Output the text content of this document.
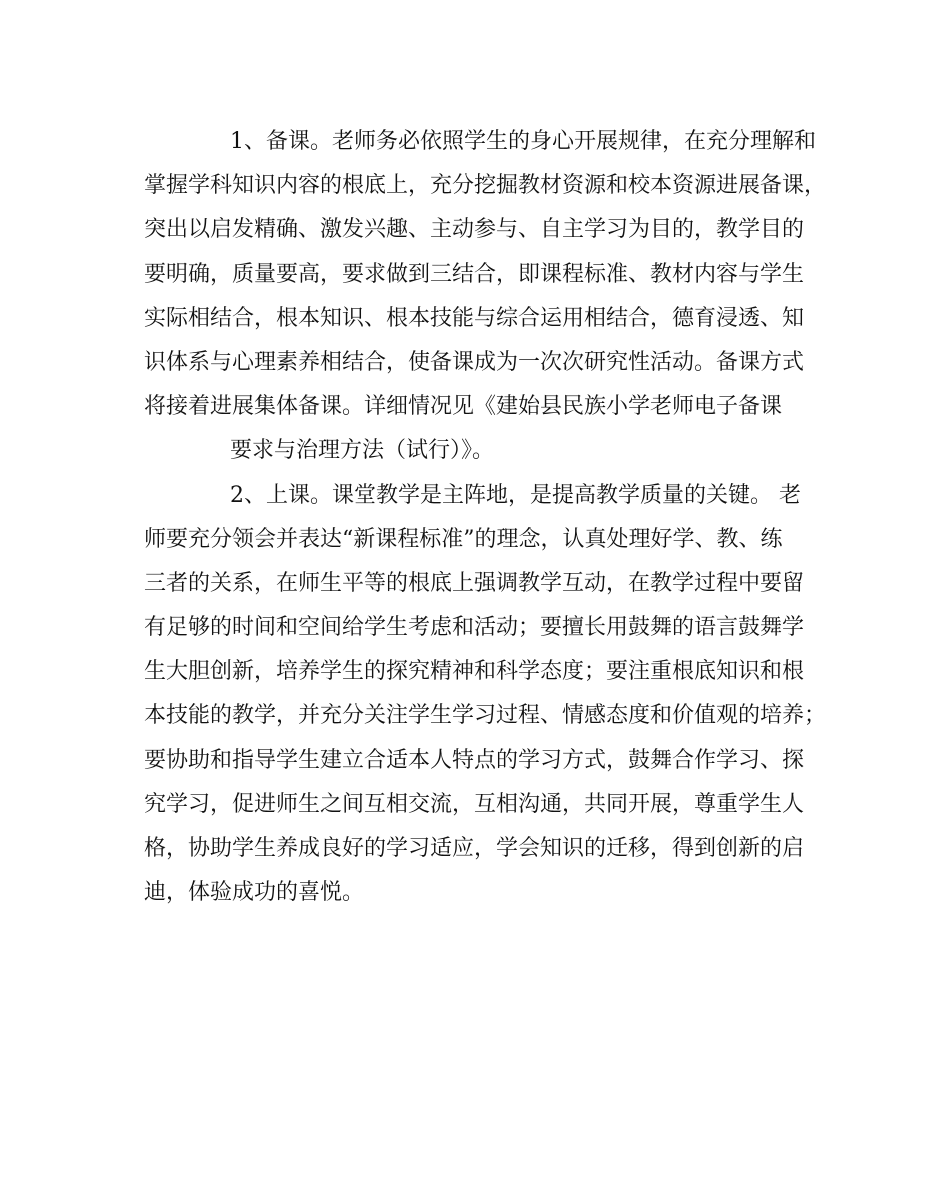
1、备课。老师务必依照学生的身心开展规律，在充分理解和
掌握学科知识内容的根底上，充分挖掘教材资源和校本资源进展备课，
突出以启发精确、激发兴趣、主动参与、自主学习为目的，教学目的
要明确，质量要高，要求做到三结合，即课程标准、教材内容与学生
实际相结合，根本知识、根本技能与综合运用相结合，德育浸透、知
识体系与心理素养相结合，使备课成为一次次研究性活动。备课方式
将接着进展集体备课。详细情况见《建始县民族小学老师电子备课
要求与治理方法（试行）》。
2、上课。课堂教学是主阵地，是提高教学质量的关键。 老
师要充分领会并表达“新课程标准”的理念，认真处理好学、教、练
三者的关系，在师生平等的根底上强调教学互动，在教学过程中要留
有足够的时间和空间给学生考虑和活动；要擅长用鼓舞的语言鼓舞学
生大胆创新，培养学生的探究精神和科学态度；要注重根底知识和根
本技能的教学，并充分关注学生学习过程、情感态度和价值观的培养；
要协助和指导学生建立合适本人特点的学习方式，鼓舞合作学习、探
究学习，促进师生之间互相交流，互相沟通，共同开展，尊重学生人
格，协助学生养成良好的学习适应，学会知识的迁移，得到创新的启
迪，体验成功的喜悦。
